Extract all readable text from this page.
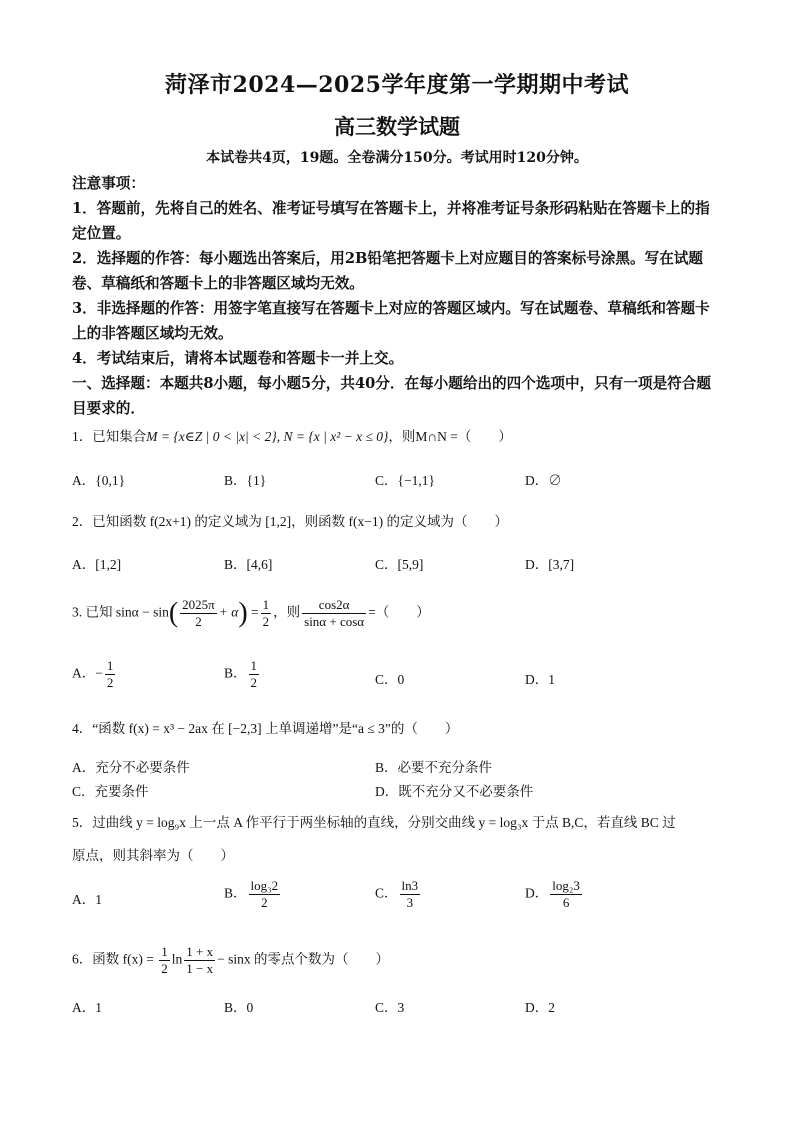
菏泽市2024—2025学年度第一学期期中考试
高三数学试题
本试卷共4页，19题。全卷满分150分。考试用时120分钟。

注意事项：

1．答题前，先将自己的姓名、准考证号填写在答题卡上，并将准考证号条形码粘贴在答题卡上的指定位置。

2．选择题的作答：每小题选出答案后，用2B铅笔把答题卡上对应题目的答案标号涂黑。写在试题卷、草稿纸和答题卡上的非答题区域均无效。

3．非选择题的作答：用签字笔直接写在答题卡上对应的答题区域内。写在试题卷、草稿纸和答题卡上的非答题区域均无效。

4．考试结束后，请将本试题卷和答题卡一并上交。

一、选择题：本题共8小题，每小题5分，共40分．在每小题给出的四个选项中，只有一项是符合题目要求的．

1．已知集合M = {x∈Z | 0 < |x| < 2}, N = {x | x² − x ≤ 0}，则M∩N =（　　）
A．{0,1}	B．{1}	C．{−1,1}	D．∅
2．已知函数 f(2x+1) 的定义域为 [1,2]，则函数 f(x−1) 的定义域为（　　）
A．[1,2]	B．[4,6]	C．[5,9]	D．[3,7]
3. 已知 $\sin\alpha - \sin( \frac{2025\pi}{2} + \alpha) = \frac{1}{2}$ ，则 $\frac{\cos 2\alpha}{\sin\alpha + \cos\alpha}$ =（　　）
A．− $\frac{1}{2}$	B． $\frac{1}{2}$	C．0	D．1
4．“函数 f(x) = x³ − 2ax 在 [−2,3] 上单调递增”是“a ≤ 3”的（　　）
A．充分不必要条件	B．必要不充分条件
C．充要条件	D．既不充分又不必要条件
5．过曲线 y = log₉x 上一点 A 作平行于两坐标轴的直线，分别交曲线 y = log₃x 于点 B,C，若直线 BC 过
原点，则其斜率为（　　）
A．1	B． $\frac{\text{log₃2}}{2}$	C． $\frac{\ln 3}{3}$	D． $\frac{\text{log₂3}}{6}$
6．函数 $f(x) = \frac{1}{2}$ $\ln \frac{1 + x}{1 - x} - \sin x$ 的零点个数为（　　）
A．1	B．0	C．3	D．2
